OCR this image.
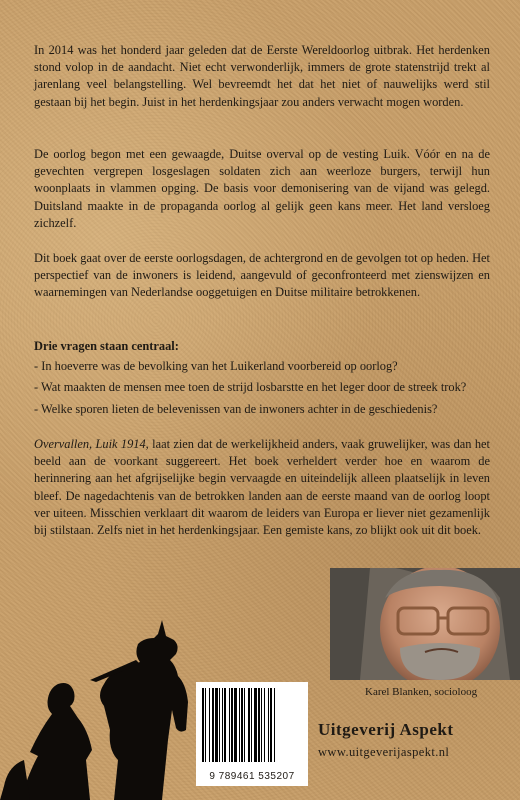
In 2014 was het honderd jaar geleden dat de Eerste Wereldoorlog uitbrak. Het herdenken stond volop in de aandacht. Niet echt verwonderlijk, immers de grote statenstrijd trekt al jarenlang veel belangstelling. Wel bevreemdt het dat het niet of nauwelijks werd stil gestaan bij het begin. Juist in het herdenkingsjaar zou anders verwacht mogen worden.

De oorlog begon met een gewaagde, Duitse overval op de vesting Luik. Vóór en na de gevechten vergrepen losgeslagen soldaten zich aan weerloze burgers, terwijl hun woonplaats in vlammen opging. De basis voor demonisering van de vijand was gelegd. Duitsland maakte in de propaganda oorlog al gelijk geen kans meer. Het land versloeg zichzelf.

Dit boek gaat over de eerste oorlogsdagen, de achtergrond en de gevolgen tot op heden. Het perspectief van de inwoners is leidend, aangevuld of geconfronteerd met zienswijzen en waarnemingen van Nederlandse ooggetuigen en Duitse militaire betrokkenen.

Drie vragen staan centraal:

- In hoeverre was de bevolking van het Luikerland voorbereid op oorlog?
- Wat maakten de mensen mee toen de strijd losbarstte en het leger door de streek trok?
- Welke sporen lieten de belevenissen van de inwoners achter in de geschiedenis?

Overvallen, Luik 1914, laat zien dat de werkelijkheid anders, vaak gruwelijker, was dan het beeld aan de voorkant suggereert. Het boek verheldert verder hoe en waarom de herinnering aan het afgrijselijke begin vervaagde en uiteindelijk alleen plaatselijk in leven bleef. De nagedachtenis van de betrokken landen aan de eerste maand van de oorlog loopt ver uiteen. Misschien verklaart dit waarom de leiders van Europa er liever niet gezamenlijk bij stilstaan. Zelfs niet in het herdenkingsjaar. Een gemiste kans, zo blijkt ook uit dit boek.

Karel Blanken, socioloog
9 789461 535207
Uitgeverij Aspekt
www.uitgeverijaspekt.nl
